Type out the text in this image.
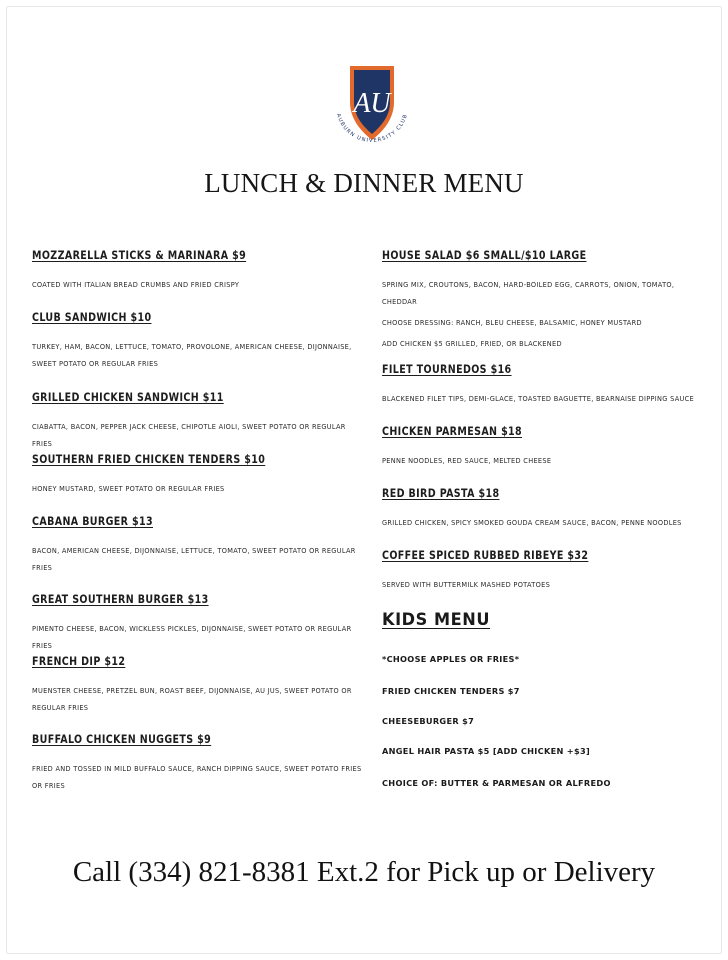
AU
AUBURN UNIVERSITY CLUB
LUNCH & DINNER MENU
MOZZARELLA STICKS & MARINARA $9
COATED WITH ITALIAN BREAD CRUMBS AND FRIED CRISPY
CLUB SANDWICH $10
TURKEY, HAM, BACON, LETTUCE, TOMATO, PROVOLONE, AMERICAN CHEESE, DIJONNAISE, SWEET POTATO OR REGULAR FRIES
GRILLED CHICKEN SANDWICH $11
CIABATTA, BACON, PEPPER JACK CHEESE, CHIPOTLE AIOLI, SWEET POTATO OR REGULAR FRIES
SOUTHERN FRIED CHICKEN TENDERS $10
HONEY MUSTARD, SWEET POTATO OR REGULAR FRIES
CABANA BURGER $13
BACON, AMERICAN CHEESE, DIJONNAISE, LETTUCE, TOMATO, SWEET POTATO OR REGULAR FRIES
GREAT SOUTHERN BURGER $13
PIMENTO CHEESE, BACON, WICKLESS PICKLES, DIJONNAISE, SWEET POTATO OR REGULAR FRIES
FRENCH DIP $12
MUENSTER CHEESE, PRETZEL BUN, ROAST BEEF, DIJONNAISE, AU JUS, SWEET POTATO OR REGULAR FRIES
BUFFALO CHICKEN NUGGETS $9
FRIED AND TOSSED IN MILD BUFFALO SAUCE, RANCH DIPPING SAUCE, SWEET POTATO FRIES OR FRIES
HOUSE SALAD $6 SMALL/$10 LARGE
SPRING MIX, CROUTONS, BACON, HARD-BOILED EGG, CARROTS, ONION, TOMATO, CHEDDAR
CHOOSE DRESSING: RANCH, BLEU CHEESE, BALSAMIC, HONEY MUSTARD
ADD CHICKEN $5 GRILLED, FRIED, OR BLACKENED
FILET TOURNEDOS $16
BLACKENED FILET TIPS, DEMI-GLACE, TOASTED BAGUETTE, BEARNAISE DIPPING SAUCE
CHICKEN PARMESAN $18
PENNE NOODLES, RED SAUCE, MELTED CHEESE
RED BIRD PASTA $18
GRILLED CHICKEN, SPICY SMOKED GOUDA CREAM SAUCE, BACON, PENNE NOODLES
COFFEE SPICED RUBBED RIBEYE $32
SERVED WITH BUTTERMILK MASHED POTATOES
KIDS MENU
*CHOOSE APPLES OR FRIES*
FRIED CHICKEN TENDERS $7
CHEESEBURGER $7
ANGEL HAIR PASTA $5 [ADD CHICKEN +$3]
CHOICE OF: BUTTER & PARMESAN OR ALFREDO
Call (334) 821-8381 Ext.2 for Pick up or Delivery
